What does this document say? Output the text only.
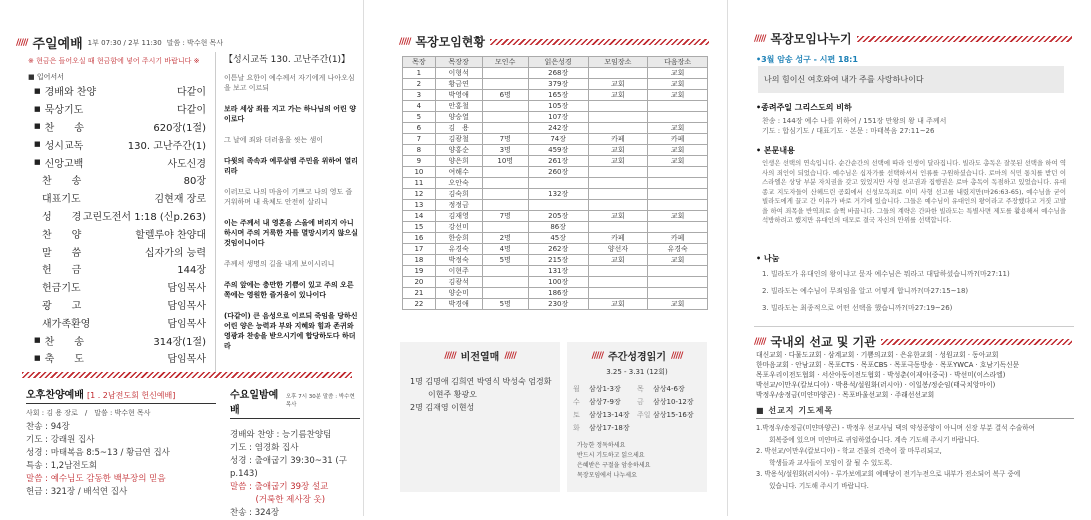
///// 주일예배 1부 07:30 / 2부 11:30 말씀 : 박수현 목사
※ 현금은 들어오실 때 현금함에 넣어 주시기 바랍니다 ※
■ 입어서서
■ 경배와 찬양	다같이
■ 묵상기도	다같이
■ 찬　　송	620장(1절)
■ 성시교독	130. 고난주간(1)
■ 신앙고백	사도신경
찬　　송	80장
대표기도	김현재 장로
성　　경 고린도전서 1:18 (신p.263)
찬　　양	할렐루야 찬양대
말　　씀	십자가의 능력
헌　　금	144장
헌금기도	담임목사
광　　고	담임목사
새가족환영	담임목사
■ 찬　　송	314장(1절)
■ 축　　도	담임목사
【성시교독 130. 고난주간(1)】
이튿날 요한이 예수께서 자기에게 나아오심을 보고 이르되
보라 세상 죄를 지고 가는 하나님의 어린 양이로다
그 날에 죄와 더러움을 씻는 샘이
다윗의 족속과 예루살렘 주민을 위하여 열리리라
이러므로 나의 마음이 기쁘고 나의 영도 즐거워하며 내 육체도 안전히 살리니
이는 주께서 내 영혼을 스올에 버리지 아니하시며 주의 거룩한 자를 멸망시키지 않으실 것임이니이다
주께서 생명의 길을 내게 보이시리니
주의 앞에는 충만한 기쁨이 있고 주의 오른쪽에는 영원한 즐거움이 있나이다
(다같이) 큰 음성으로 이르되 죽임을 당하신 어린 양은 능력과 부와 지혜와 힘과 존귀와 영광과 찬송을 받으시기에 합당하도다 하더라
오후찬양예배 [1 . 2남전도회 헌신예배]
사회 : 김 용 장로　/　말씀 : 박수현 목사
찬송 : 94장
기도 : 강래원 집사
성경 : 마태복음 8:5~13 / 황금연 집사
특송 : 1,2남전도회
말씀 : 예수님도 감동한 백부장의 믿음
헌금 : 321장 / 배석연 집사
수요일밤예배
오후 7시 30분 말씀 : 박수현 목사
경배와 찬양 : 능기름찬양팀
기도 : 염경화 집사
성경 : 출애굽기 39:30~31 (구 p.143)
말씀 : 출애굽기 39장 설교
　　　(거룩한 제사장 옷)
찬송 : 324장
///// 목장모임현황
목장	목장장	모인수	읽은성경	모임장소	다음장소
1	이형석		268장		교회
2	황금연		379장	교회	교회
3	박영애	6명	165장	교회	교회
4	안홍철		105장		
5	양승열		107장		
6	김　용		242장		교회
7	김광철	7명	74장	카페	카페
8	양홍순	3명	459장	교회	교회
9	양은희	10명	261장	교회	교회
10	여해수		260장		
11	오안숙				
12	김숙희		132장		
13	정정금				
14	김재영	7명	205장	교회	교회
15	강선미		86장		
16	한승희	2명	45장	카페	카페
17	유경숙	4명	262장	양선자	유경숙
18	박정숙	5명	215장	교회	교회
19	이현주		131장		
20	김광석		100장		
21	양순미		186장		
22	박경애	5명	230장	교회	교회
///// 비전열매 /////
1명 김명애 김희연 박영식 박성숙 엄경화
이현주 황광오
2명 김재영 이현성
///// 주간성경읽기 /////
3.25 - 3.31 (12회)
월	삼상1-3장	목	삼상4-6장
수	삼상7-9장	금	삼상10-12장
토	삼상13-14장	주일 삼상15-16장
화	삼상17-18장
가능한 정독하세요
반드시 기도하고 읽으세요
은혜받은 구절을 암송하세요
목장모임에서 나누세요
///// 목장모임나누기
•3월 암송 성구 - 시편 18:1
나의 힘이신 여호와여 내가 주를 사랑하나이다
•종려주일 그리스도의 비하
찬송 : 144장 예수 나를 위하여 / 151장 만왕의 왕 내 주께서
기도 : 합심기도 / 대표기도 · 본문 : 마태복음 27:11~26
• 본문내용
인생은 선택의 연속입니다. 순간순간의 선택에 따라 인생이 달라집니다. 빌라도 총독은 잘못된 선택을 하여 역사의 죄인이 되었습니다. 예수님은 십자가를 선택하셔서 인류를 구원하셨습니다. 로마의 식민 통치를 받던 이스라엘은 상당 부분 자치권을 갖고 있었지만 사형 선고권과 집행권은 로마 총독이 독점하고 있었습니다. 유대종교 지도자들이 산헤드린 공회에서 신성모독죄로 이미 사형 선고를 내렸지만(마26:63-65), 예수님을 굳이 빌라도에게 끌고 간 이유가 바로 거기에 있습니다. 그들은 예수님이 유대인의 왕이라고 주장했다고 거짓 고발을 하여 죄목을 반역죄로 슬쩍 바꿉니다. 그들의 계략은 간파한 빌라도는 특별사면 제도를 활용해서 예수님을 석방하려고 했지만 유대인의 대모로 결국 자신의 안위를 선택합니다.
• 나눔
1. 빌라도가 유대인의 왕이냐고 묻자 예수님은 뭐라고 대답하셨습니까?(마27:11)
2. 빌라도는 예수님이 무죄임을 알고 어떻게 합니까?(마27:15~18)
3. 빌라도는 최종적으로 어떤 선택을 했습니까?(마27:19~26)
///// 국내외 선교 및 기관
대신교회 · 다물도교회 · 삼계교회 · 기쁨의교회 · 은유한교회 · 성원교회 · 동아교회
한마음교회 · 안남교회 · 목포CTS · 목포CBS · 목포극동방송 · 목포YWCA · 호남기독신문
목포우리이전도협회 · 서산아동이전도협회 · 박성춘(이제아(중국) · 박선미(이스라엘)
박선교/이만우(칼보디아) · 박용석/설원화(러시아) · 이일봉/정순임(태국치앙마이)
박정우/송정금(미얀마양곤) · 목포바울선교회 · 주래선선교회
■ 선교지 기도제목
1.박정우/송정금(미얀마양곤) - 박정우 선교사님 댁의 약성종양이 아니며 신장 부분 결석 수술하여
　　회복중에 있으며 미얀마로 귀임하였습니다. 계속 기도해 주시기 바랍니다.
2. 박선교/이만우(칼보디아) - 학교 건물의 건축이 잘 마무리되고,
　　학생들과 교사들이 모임이 잘 될 수 있도록.
3. 박용석/설원화(러시아) - 루가보에교회 예배당이 전기누전으로 내부가 전소되어 복구 중에
　　있습니다. 기도해 주시기 바랍니다.
